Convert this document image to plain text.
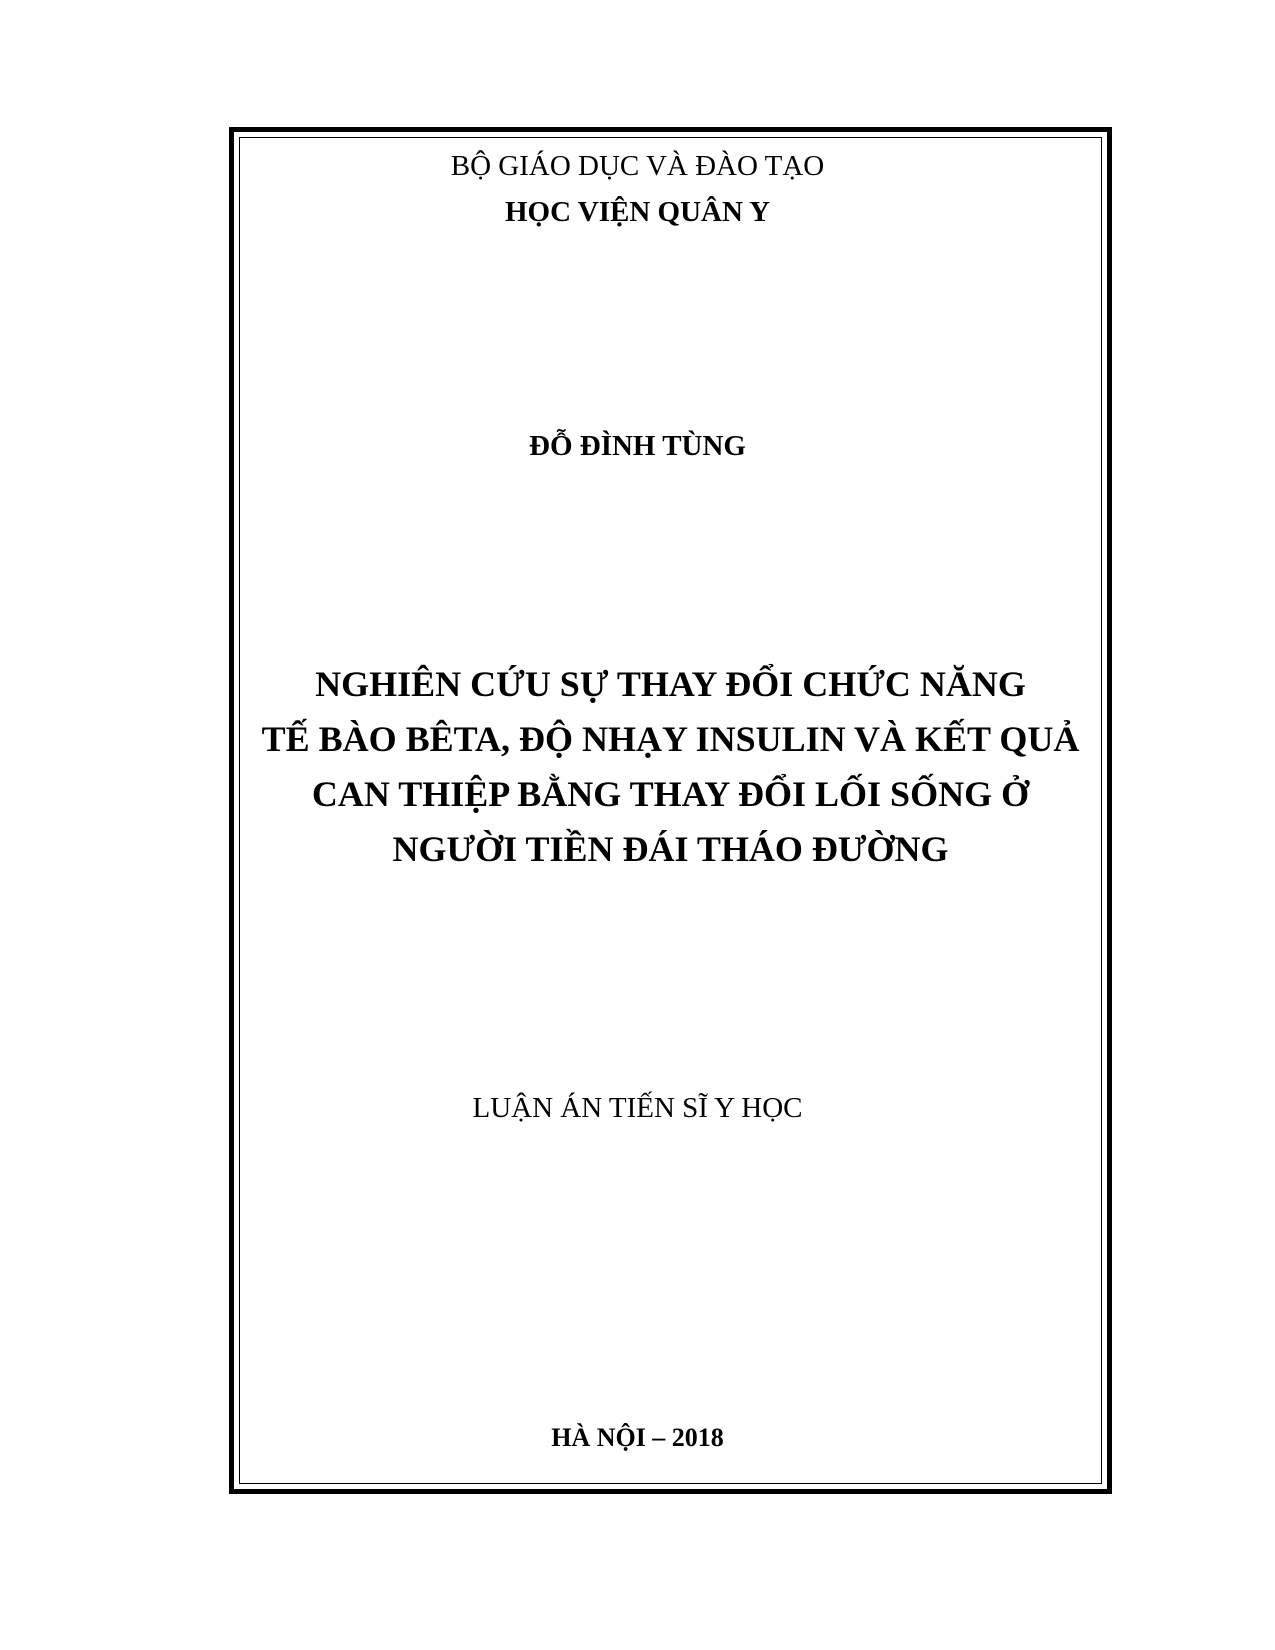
BỘ GIÁO DỤC VÀ ĐÀO TẠO
HỌC VIỆN QUÂN Y
ĐỖ ĐÌNH TÙNG
NGHIÊN CỨU SỰ THAY ĐỔI CHỨC NĂNG
TẾ BÀO BÊTA, ĐỘ NHẠY INSULIN VÀ KẾT QUẢ
CAN THIỆP BẰNG THAY ĐỔI LỐI SỐNG Ở
NGƯỜI TIỀN ĐÁI THÁO ĐƯỜNG
LUẬN ÁN TIẾN SĨ Y HỌC
HÀ NỘI – 2018
